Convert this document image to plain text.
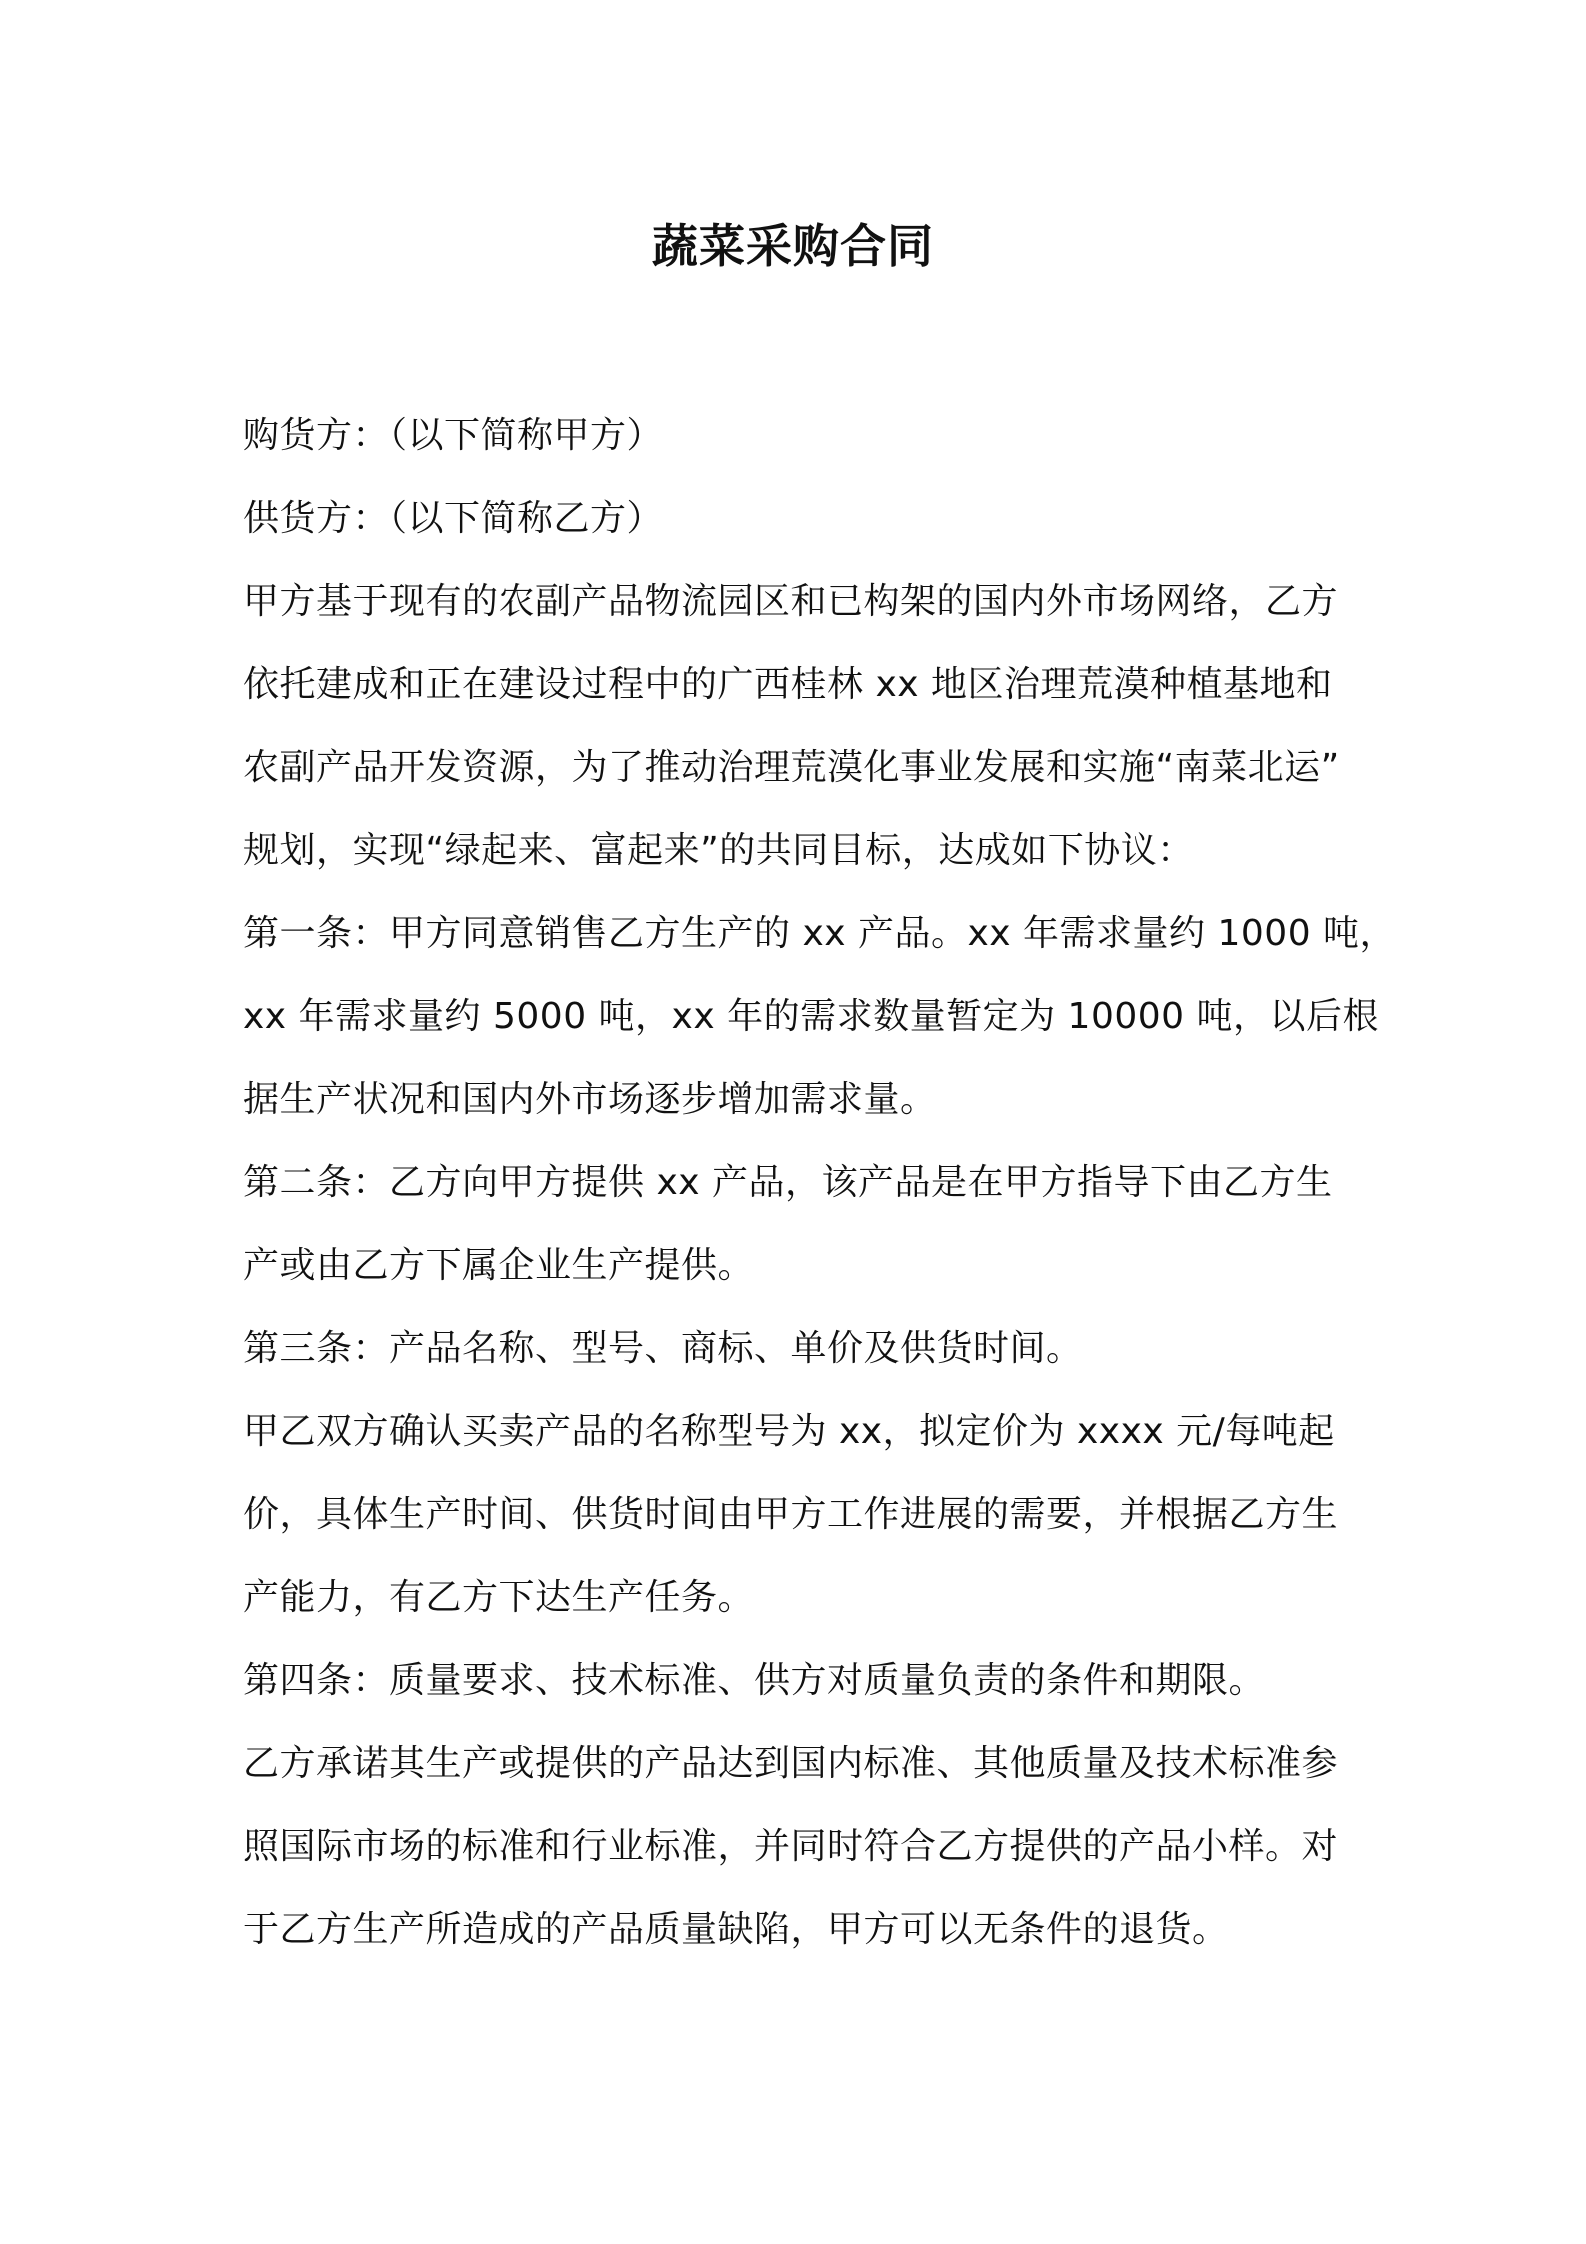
蔬菜采购合同
购货方：（以下简称甲方）
供货方：（以下简称乙方）
甲方基于现有的农副产品物流园区和已构架的国内外市场网络，乙方
依托建成和正在建设过程中的广西桂林 xx 地区治理荒漠种植基地和
农副产品开发资源，为了推动治理荒漠化事业发展和实施“南菜北运”
规划，实现“绿起来、富起来”的共同目标，达成如下协议：
第一条：甲方同意销售乙方生产的 xx 产品。xx 年需求量约 1000 吨，
xx 年需求量约 5000 吨，xx 年的需求数量暂定为 10000 吨，以后根
据生产状况和国内外市场逐步增加需求量。
第二条：乙方向甲方提供 xx 产品，该产品是在甲方指导下由乙方生
产或由乙方下属企业生产提供。
第三条：产品名称、型号、商标、单价及供货时间。
甲乙双方确认买卖产品的名称型号为 xx，拟定价为 xxxx 元/每吨起
价，具体生产时间、供货时间由甲方工作进展的需要，并根据乙方生
产能力，有乙方下达生产任务。
第四条：质量要求、技术标准、供方对质量负责的条件和期限。
乙方承诺其生产或提供的产品达到国内标准、其他质量及技术标准参
照国际市场的标准和行业标准，并同时符合乙方提供的产品小样。对
于乙方生产所造成的产品质量缺陷，甲方可以无条件的退货。
